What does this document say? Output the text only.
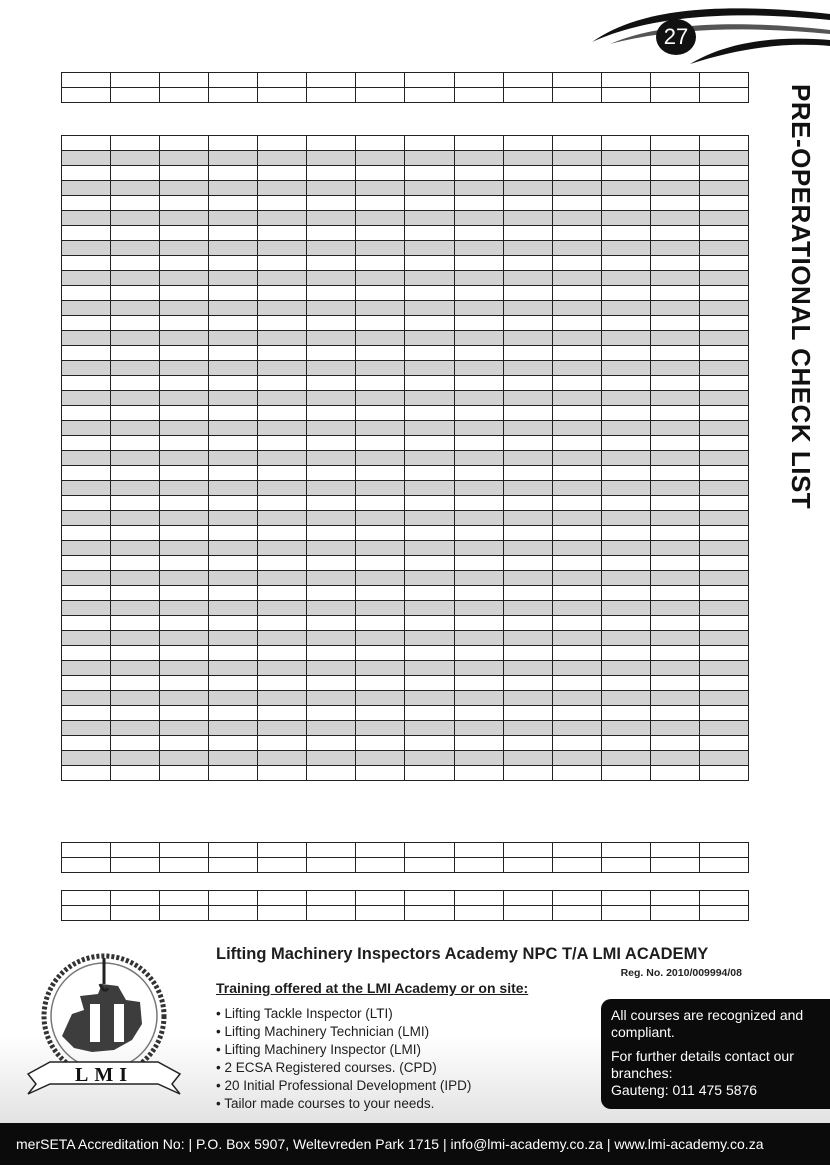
27
PRE-OPERATIONAL CHECK LIST

LMI
Lifting Machinery Inspectors Academy NPC T/A LMI ACADEMY
Reg. No. 2010/009994/08
Training offered at the LMI Academy or on site:
• Lifting Tackle Inspector (LTI)
• Lifting Machinery Technician (LMI)
• Lifting Machinery Inspector (LMI)
• 2 ECSA Registered courses. (CPD)
• 20 Initial Professional Development (IPD)
• Tailor made courses to your needs.

All courses are recognized and compliant.

For further details contact our branches:

Gauteng: 011 475 5876

merSETA Accreditation No: | P.O. Box 5907, Weltevreden Park 1715 | info@lmi-academy.co.za | www.lmi-academy.co.za
